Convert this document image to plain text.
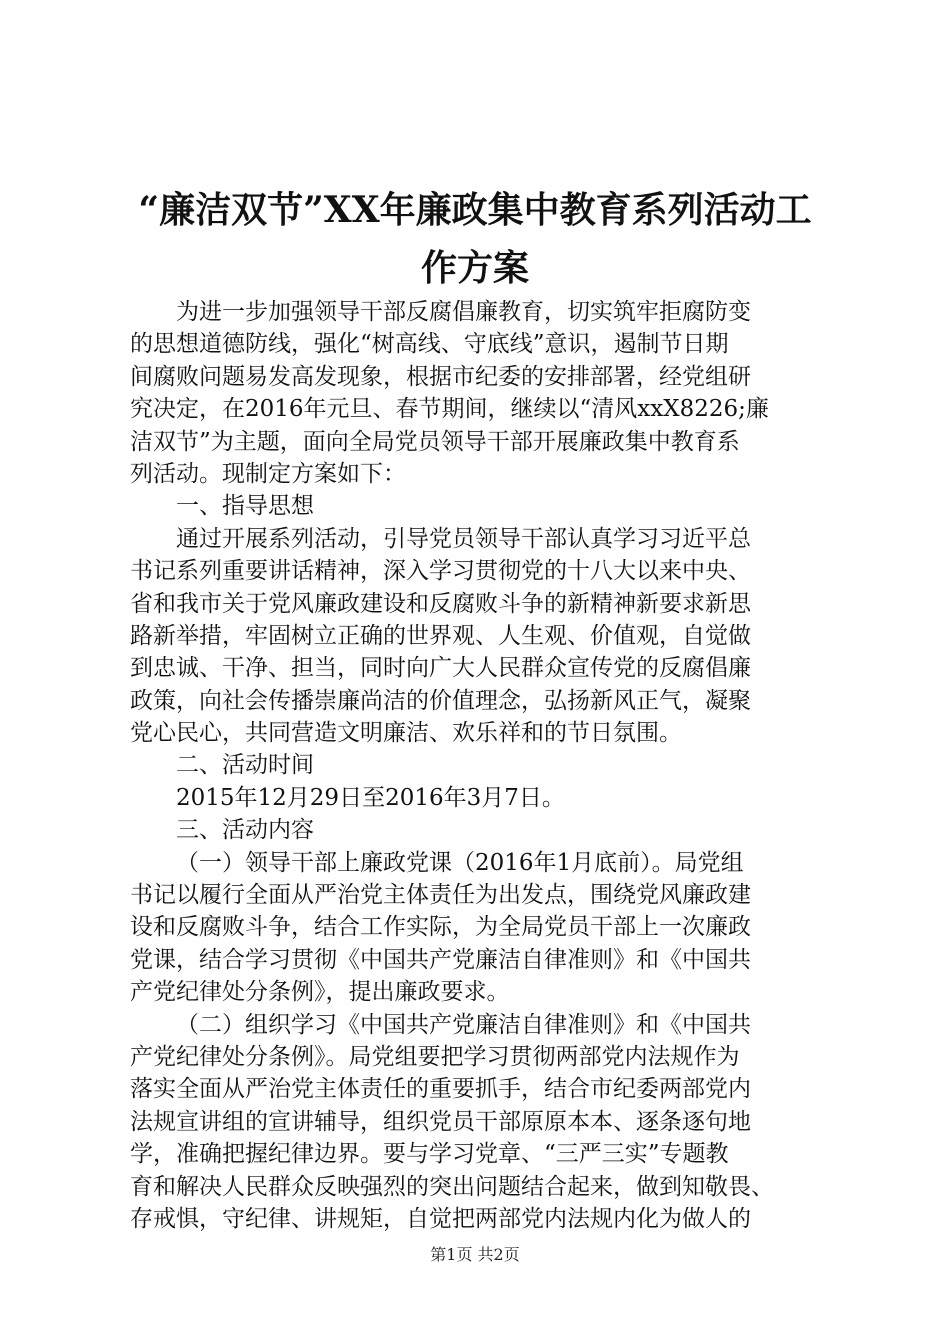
“廉洁双节”XX年廉政集中教育系列活动工
作方案
为进一步加强领导干部反腐倡廉教育，切实筑牢拒腐防变
的思想道德防线，强化“树高线、守底线”意识，遏制节日期
间腐败问题易发高发现象，根据市纪委的安排部署，经党组研
究决定，在2016年元旦、春节期间，继续以“清风xxX8226;廉
洁双节”为主题，面向全局党员领导干部开展廉政集中教育系
列活动。现制定方案如下：
一、指导思想
通过开展系列活动，引导党员领导干部认真学习习近平总
书记系列重要讲话精神，深入学习贯彻党的十八大以来中央、
省和我市关于党风廉政建设和反腐败斗争的新精神新要求新思
路新举措，牢固树立正确的世界观、人生观、价值观，自觉做
到忠诚、干净、担当，同时向广大人民群众宣传党的反腐倡廉
政策，向社会传播崇廉尚洁的价值理念，弘扬新风正气，凝聚
党心民心，共同营造文明廉洁、欢乐祥和的节日氛围。
二、活动时间
2015年12月29日至2016年3月7日。
三、活动内容
（一）领导干部上廉政党课（2016年1月底前）。局党组
书记以履行全面从严治党主体责任为出发点，围绕党风廉政建
设和反腐败斗争，结合工作实际，为全局党员干部上一次廉政
党课，结合学习贯彻《中国共产党廉洁自律准则》和《中国共
产党纪律处分条例》，提出廉政要求。
（二）组织学习《中国共产党廉洁自律准则》和《中国共
产党纪律处分条例》。局党组要把学习贯彻两部党内法规作为
落实全面从严治党主体责任的重要抓手，结合市纪委两部党内
法规宣讲组的宣讲辅导，组织党员干部原原本本、逐条逐句地
学，准确把握纪律边界。要与学习党章、“三严三实”专题教
育和解决人民群众反映强烈的突出问题结合起来，做到知敬畏、
存戒惧，守纪律、讲规矩，自觉把两部党内法规内化为做人的
第1页 共2页
